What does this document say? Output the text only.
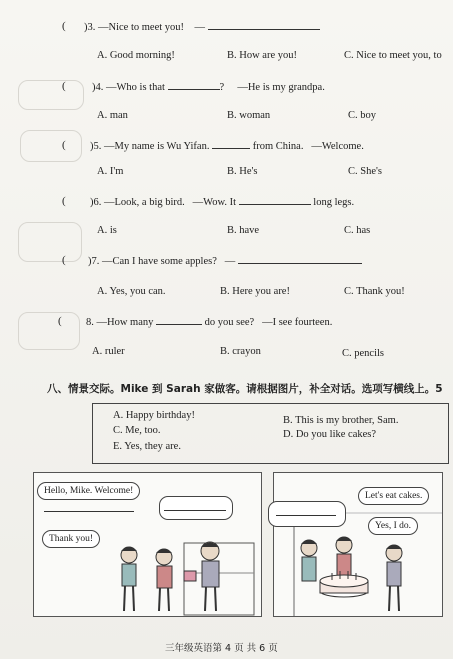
( )3. —Nice to meet you! —
A. Good morning!	B. How are you!	C. Nice to meet you, to
(	)4. —Who is that	? —He is my grandpa.
A. man	B. woman	C. boy
( )5. —My name is Wu Yifan.	from China. —Welcome.
A. I'm	B. He's	C. She's
( )6. —Look, a big bird. —Wow. It	long legs.
A. is	B. have	C. has
( )7. —Can I have some apples? —
A. Yes, you can.	B. Here you are!	C. Thank you!
( 8. —How many	do you see? —I see fourteen.
A. ruler	B. crayon	C. pencils
八、情景交际。Mike 到 Sarah 家做客。请根据图片，补全对话。选项写横线上。5
A. Happy birthday!	B. This is my brother, Sam.
C. Me, too.	D. Do you like cakes?
E. Yes, they are.
Hello, Mike. Welcome!
Thank you!
Let's eat cakes.
Yes, I do.
三年级英语第 4 页 共 6 页
